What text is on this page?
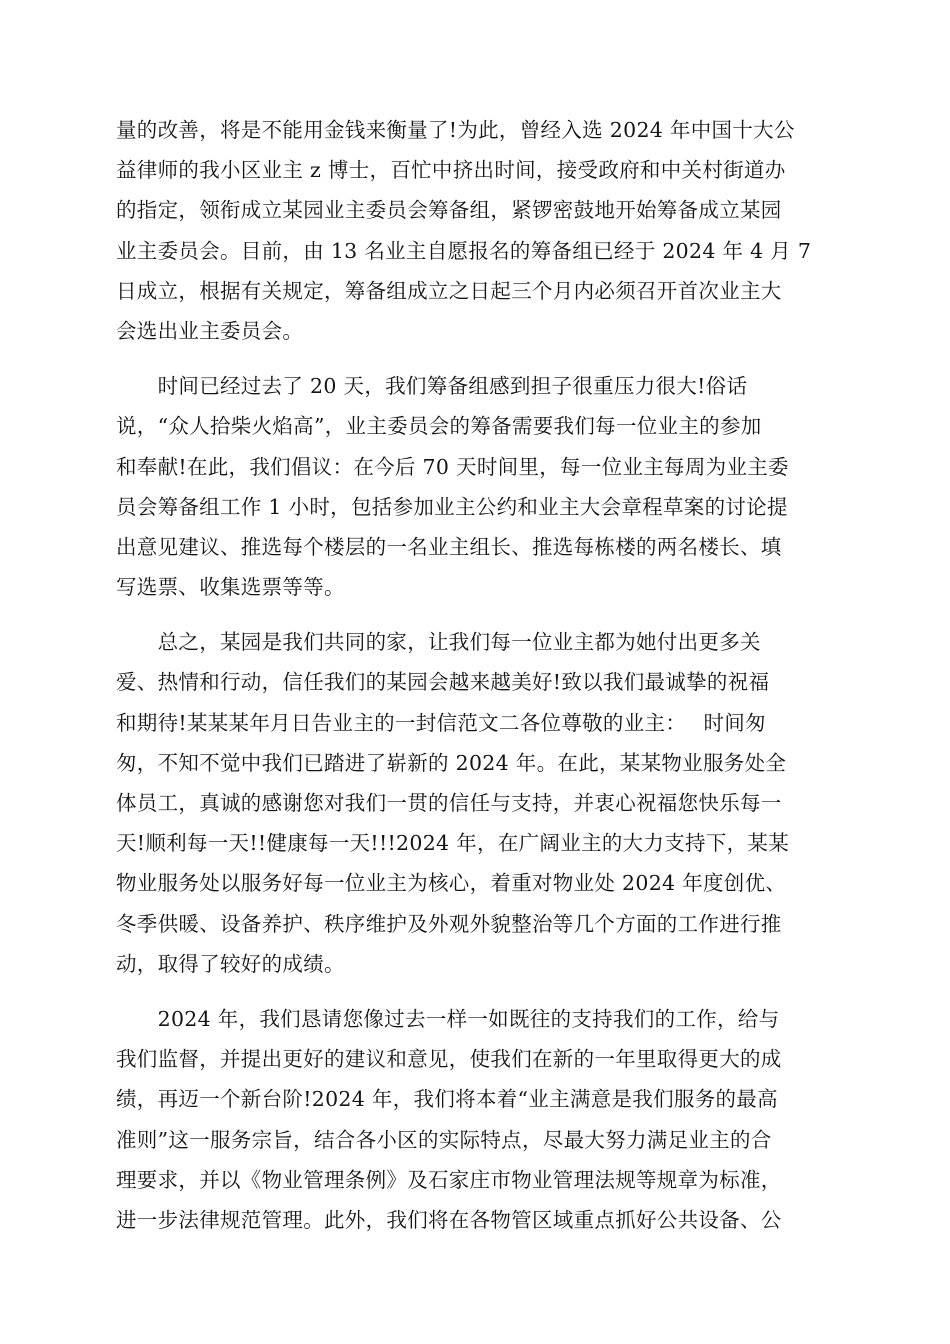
量的改善，将是不能用金钱来衡量了!为此，曾经入选 2024 年中国十大公
益律师的我小区业主 z 博士，百忙中挤出时间，接受政府和中关村街道办
的指定，领衔成立某园业主委员会筹备组，紧锣密鼓地开始筹备成立某园
业主委员会。目前，由 13 名业主自愿报名的筹备组已经于 2024 年 4 月 7
日成立，根据有关规定，筹备组成立之日起三个月内必须召开首次业主大
会选出业主委员会。

　　时间已经过去了 20 天，我们筹备组感到担子很重压力很大!俗话
说，“众人拾柴火焰高”，业主委员会的筹备需要我们每一位业主的参加
和奉献!在此，我们倡议：在今后 70 天时间里，每一位业主每周为业主委
员会筹备组工作 1 小时，包括参加业主公约和业主大会章程草案的讨论提
出意见建议、推选每个楼层的一名业主组长、推选每栋楼的两名楼长、填
写选票、收集选票等等。

　　总之，某园是我们共同的家，让我们每一位业主都为她付出更多关
爱、热情和行动，信任我们的某园会越来越美好!致以我们最诚挚的祝福
和期待!某某某年月日告业主的一封信范文二各位尊敬的业主：　 时间匆
匆，不知不觉中我们已踏进了崭新的 2024 年。在此，某某物业服务处全
体员工，真诚的感谢您对我们一贯的信任与支持，并衷心祝福您快乐每一
天!顺利每一天!!健康每一天!!!2024 年，在广阔业主的大力支持下，某某
物业服务处以服务好每一位业主为核心，着重对物业处 2024 年度创优、
冬季供暖、设备养护、秩序维护及外观外貌整治等几个方面的工作进行推
动，取得了较好的成绩。

　　2024 年，我们恳请您像过去一样一如既往的支持我们的工作，给与
我们监督，并提出更好的建议和意见，使我们在新的一年里取得更大的成
绩，再迈一个新台阶!2024 年，我们将本着“业主满意是我们服务的最高
准则”这一服务宗旨，结合各小区的实际特点，尽最大努力满足业主的合
理要求，并以《物业管理条例》及石家庄市物业管理法规等规章为标准，
进一步法律规范管理。此外，我们将在各物管区域重点抓好公共设备、公
